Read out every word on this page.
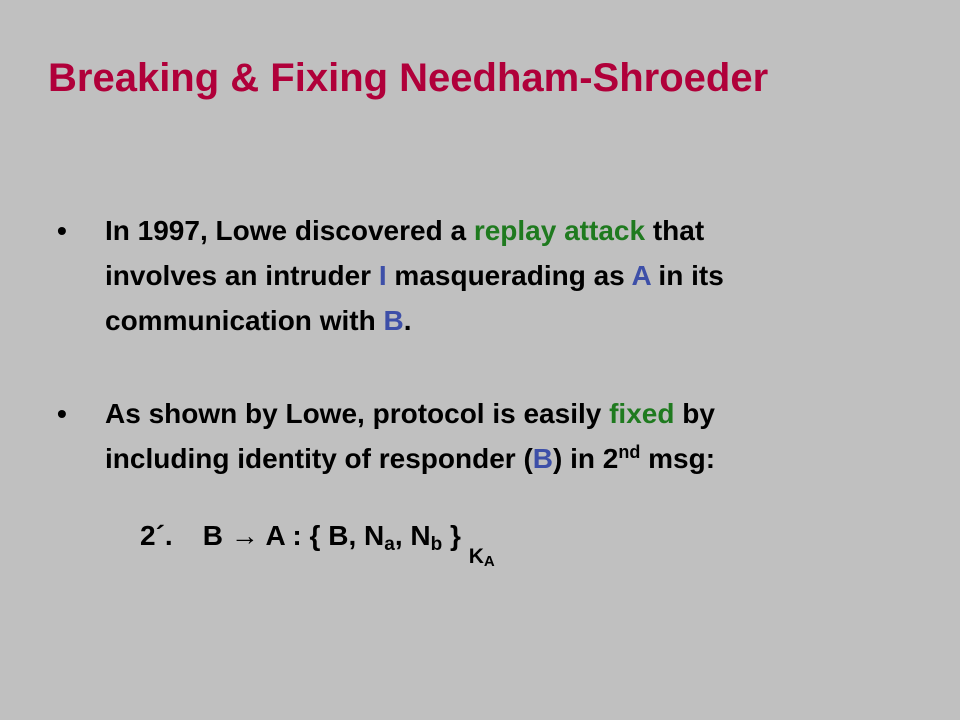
Breaking & Fixing Needham-Shroeder
• In 1997, Lowe discovered a replay attack that
involves an intruder I masquerading as A in its
communication with B.
• As shown by Lowe, protocol is easily fixed by
including identity of responder (B) in 2nd msg:
2´. B → A : { B, $N_a$, $N_b$ } $_{K_A}$
